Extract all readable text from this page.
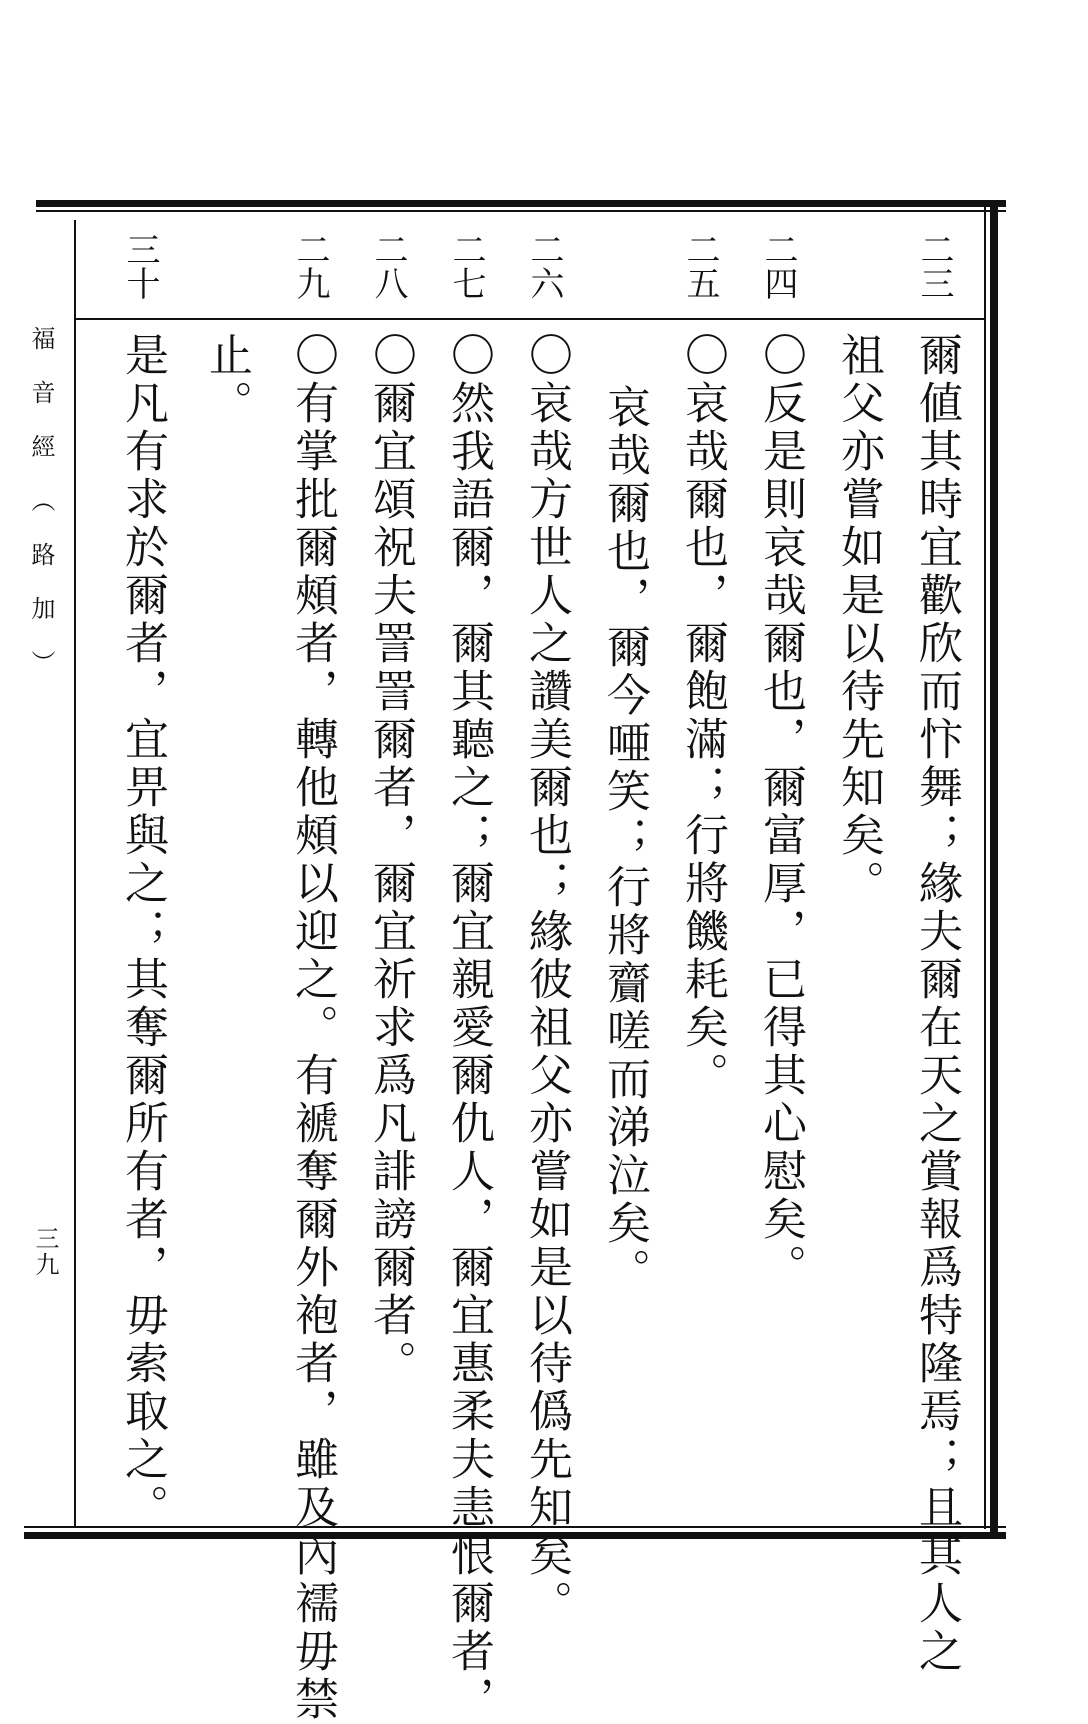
福音經（路加）
三九
二三
二四
二五
二六
二七
二八
二九
三十
爾値其時宜歡欣而忭舞；緣夫爾在天之賞報爲特隆焉；且其人之
祖父亦嘗如是以待先知矣。
〇反是則哀哉爾也，爾富厚，已得其心慰矣。
〇哀哉爾也，爾飽滿；行將饑耗矣。
哀哉爾也，爾今唖笑；行將齎嗟而涕泣矣。
〇哀哉方世人之讚美爾也；緣彼祖父亦嘗如是以待僞先知矣。
〇然我語爾，爾其聽之；爾宜親愛爾仇人，爾宜惠柔夫恚恨爾者，
〇爾宜頌祝夫詈詈爾者，爾宜祈求爲凡誹謗爾者。
〇有掌批爾頰者，轉他頰以迎之。有褫奪爾外袍者，雖及內襦毋禁
止。
是凡有求於爾者，宜畀與之；其奪爾所有者，毋索取之。
